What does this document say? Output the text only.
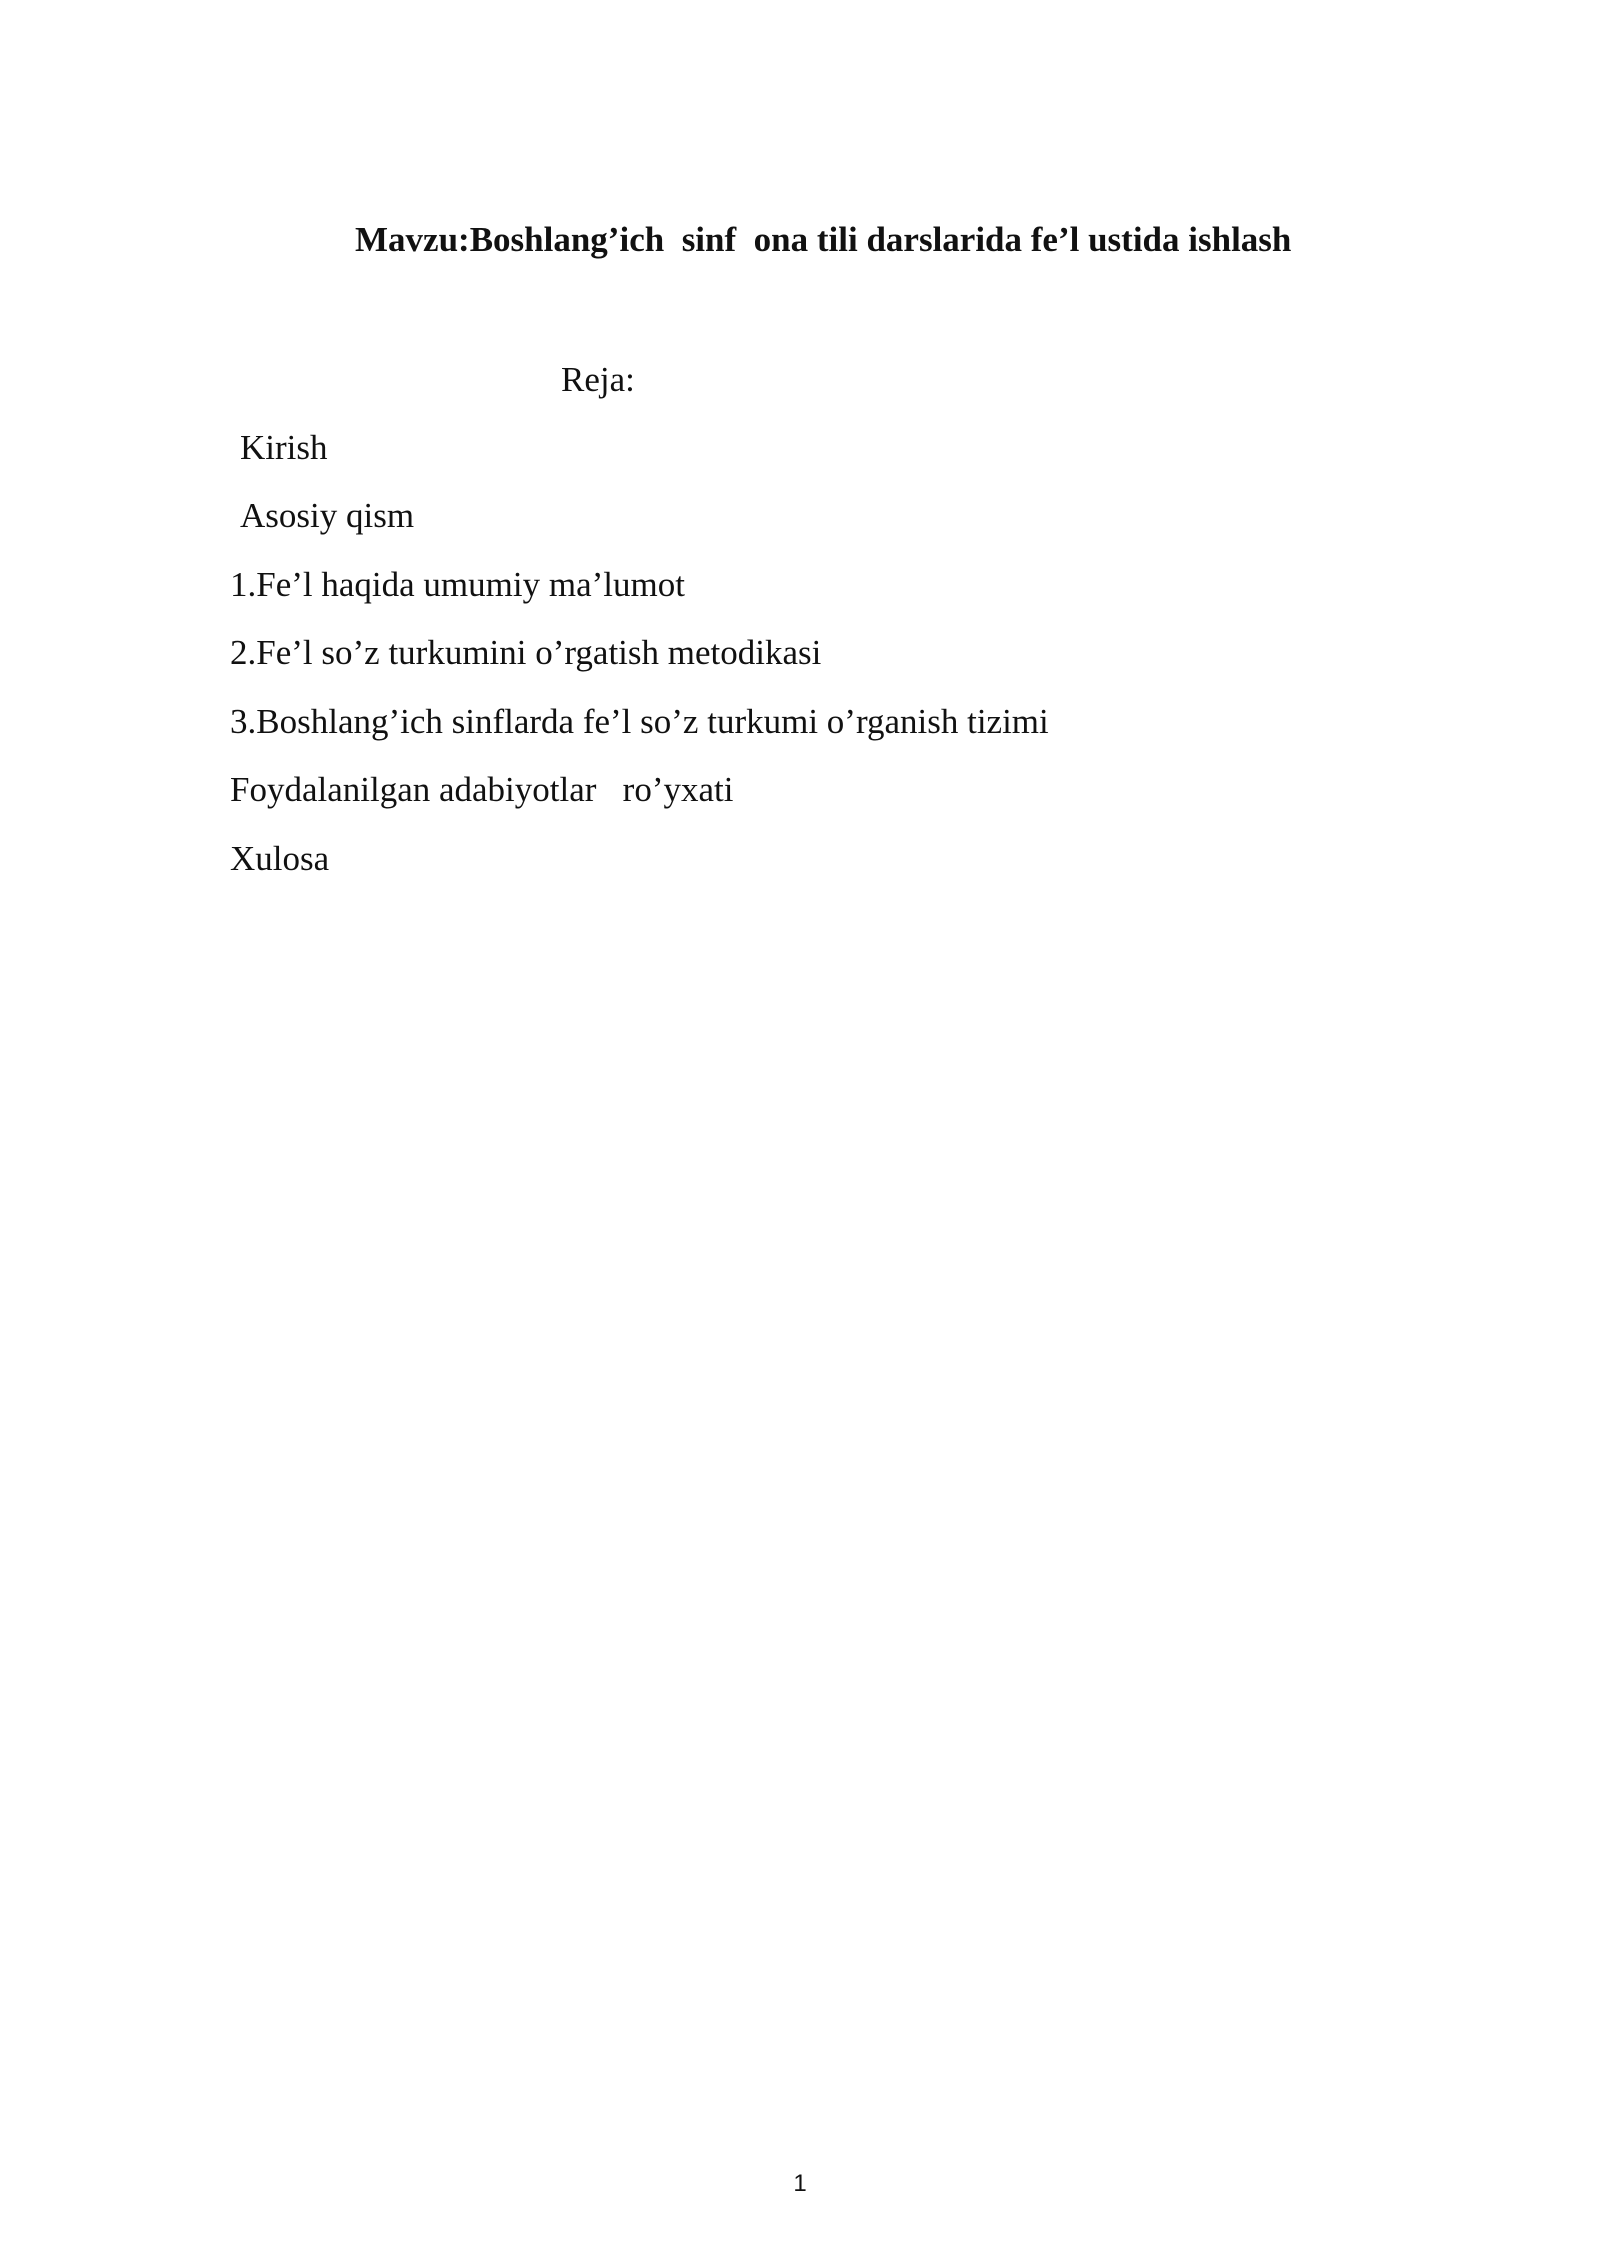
Mavzu:Boshlang’ich  sinf  ona tili darslarida fe’l ustida ishlash

Reja:

Kirish
Asosiy qism
1.Fe’l haqida umumiy ma’lumot
2.Fe’l so’z turkumini o’rgatish metodikasi
3.Boshlang’ich sinflarda fe’l so’z turkumi o’rganish tizimi
Foydalanilgan adabiyotlar   ro’yxati
Xulosa

1
